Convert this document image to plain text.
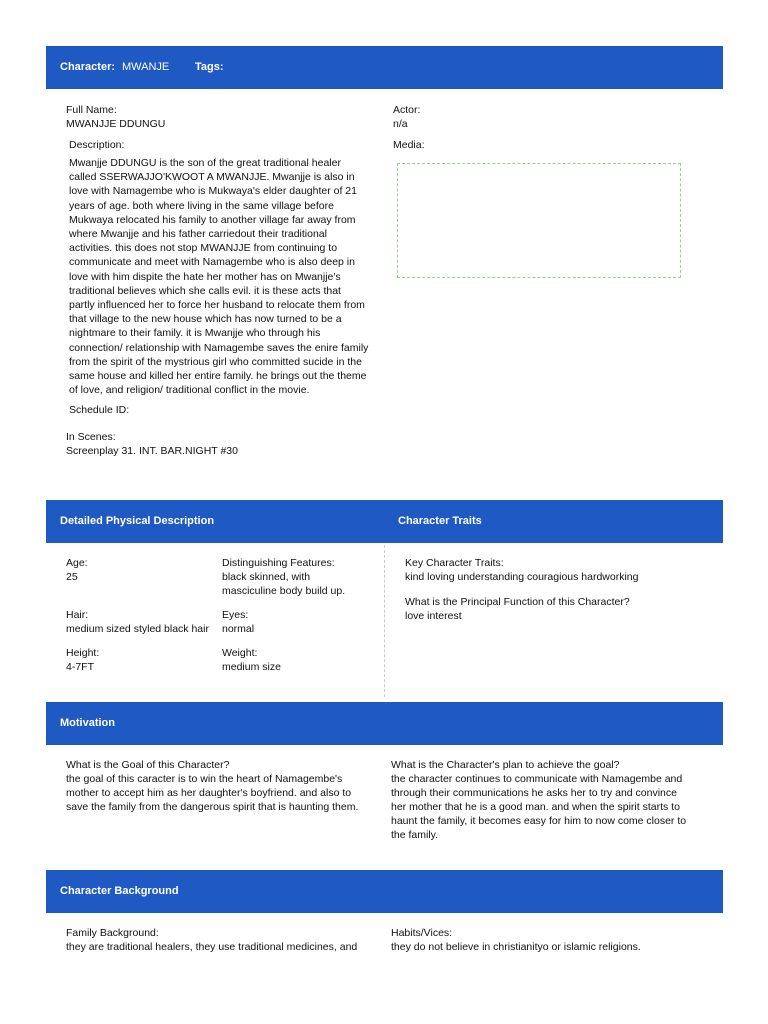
Character: MWANJE Tags:
Full Name:
MWANJJE DDUNGU
Actor:
n/a
Description:	Media:
Mwanjje DDUNGU is the son of the great traditional healer
called SSERWAJJO'KWOOT A MWANJJE. Mwanjje is also in
love with Namagembe who is Mukwaya's elder daughter of 21
years of age. both where living in the same village before
Mukwaya relocated his family to another village far away from
where Mwanjje and his father carriedout their traditional
activities. this does not stop MWANJJE from continuing to
communicate and meet with Namagembe who is also deep in
love with him dispite the hate her mother has on Mwanjje's
traditional believes which she calls evil. it is these acts that
partly influenced her to force her husband to relocate them from
that village to the new house which has now turned to be a
nightmare to their family. it is Mwanjje who through his
connection/ relationship with Namagembe saves the enire family
from the spirit of the mystrious girl who committed sucide in the
same house and killed her entire family. he brings out the theme
of love, and religion/ traditional conflict in the movie.
Schedule ID:
In Scenes:
Screenplay 31. INT. BAR.NIGHT #30
Detailed Physical Description	Character Traits
Age:
25
Distinguishing Features:
black skinned, with
masciculine body build up.
Hair:
medium sized styled black hair
Eyes:
normal
Height:
4-7FT
Weight:
medium size
Key Character Traits:
kind loving understanding couragious hardworking
What is the Principal Function of this Character?
love interest
Motivation
What is the Goal of this Character?
the goal of this caracter is to win the heart of Namagembe's
mother to accept him as her daughter's boyfriend. and also to
save the family from the dangerous spirit that is haunting them.
What is the Character's plan to achieve the goal?
the character continues to communicate with Namagembe and
through their communications he asks her to try and convince
her mother that he is a good man. and when the spirit starts to
haunt the family, it becomes easy for him to now come closer to
the family.
Character Background
Family Background:
they are traditional healers, they use traditional medicines, and
Habits/Vices:
they do not believe in christianityo or islamic religions.
